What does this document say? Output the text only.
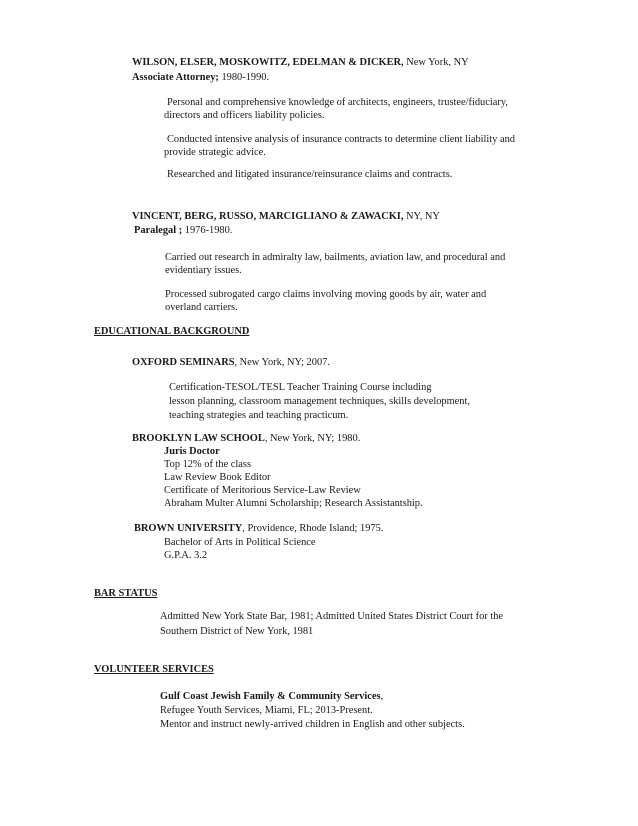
WILSON, ELSER, MOSKOWITZ, EDELMAN & DICKER, New York, NY
Associate Attorney; 1980-1990.
Personal and comprehensive knowledge of architects, engineers, trustee/fiduciary,
directors and officers liability policies.
Conducted intensive analysis of insurance contracts to determine client liability and
provide strategic advice.
Researched and litigated insurance/reinsurance claims and contracts.
VINCENT, BERG, RUSSO, MARCIGLIANO & ZAWACKI, NY, NY
Paralegal ; 1976-1980.
Carried out research in admiralty law, bailments, aviation law, and procedural and
evidentiary issues.
Processed subrogated cargo claims involving moving goods by air, water and
overland carriers.
EDUCATIONAL BACKGROUND
OXFORD SEMINARS, New York, NY; 2007.
Certification-TESOL/TESL Teacher Training Course including
lesson planning, classroom management techniques, skills development,
teaching strategies and teaching practicum.
BROOKLYN LAW SCHOOL, New York, NY; 1980.
Juris Doctor
Top 12% of the class
Law Review Book Editor
Certificate of Meritorious Service-Law Review
Abraham Multer Alumni Scholarship; Research Assistantship.
BROWN UNIVERSITY, Providence, Rhode Island; 1975.
Bachelor of Arts in Political Science
G.P.A. 3.2
BAR STATUS
Admitted New York State Bar, 1981; Admitted United States District Court for the
Southern District of New York, 1981
VOLUNTEER SERVICES
Gulf Coast Jewish Family & Community Services,
Refugee Youth Services, Miami, FL; 2013-Present.
Mentor and instruct newly-arrived children in English and other subjects.
